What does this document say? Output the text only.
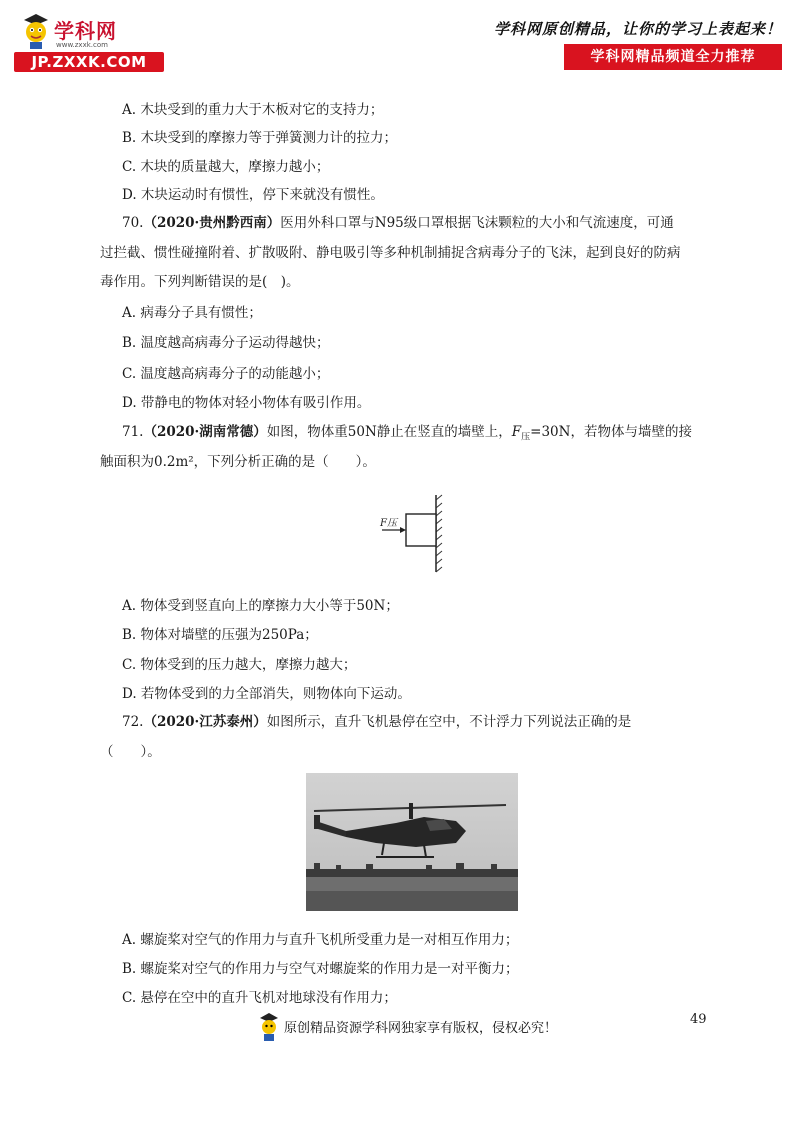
学科网
www.zxxk.com
JP.ZXXK.COM
学科网原创精品，让你的学习上表起来！
学科网精品频道全力推荐
A. 木块受到的重力大于木板对它的支持力；
B. 木块受到的摩擦力等于弹簧测力计的拉力；
C. 木块的质量越大，摩擦力越小；
D. 木块运动时有惯性，停下来就没有惯性。
70.（2020·贵州黔西南）医用外科口罩与N95级口罩根据飞沫颗粒的大小和气流速度，可通
过拦截、惯性碰撞附着、扩散吸附、静电吸引等多种机制捕捉含病毒分子的飞沫，起到良好的防病
毒作用。下列判断错误的是(　)。
A. 病毒分子具有惯性；
B. 温度越高病毒分子运动得越快；
C. 温度越高病毒分子的动能越小；
D. 带静电的物体对轻小物体有吸引作用。
71.（2020·湖南常德）如图，物体重50N静止在竖直的墙壁上，$F_压=30N$，若物体与墙壁的接
触面积为0.2m²，下列分析正确的是（　　）。
F压
A. 物体受到竖直向上的摩擦力大小等于50N；
B. 物体对墙壁的压强为250Pa；
C. 物体受到的压力越大，摩擦力越大；
D. 若物体受到的力全部消失，则物体向下运动。
72.（2020·江苏泰州）如图所示，直升飞机悬停在空中，不计浮力下列说法正确的是
（　　）。
A. 螺旋桨对空气的作用力与直升飞机所受重力是一对相互作用力；
B. 螺旋桨对空气的作用力与空气对螺旋桨的作用力是一对平衡力；
C. 悬停在空中的直升飞机对地球没有作用力；
49
原创精品资源学科网独家享有版权，侵权必究！
